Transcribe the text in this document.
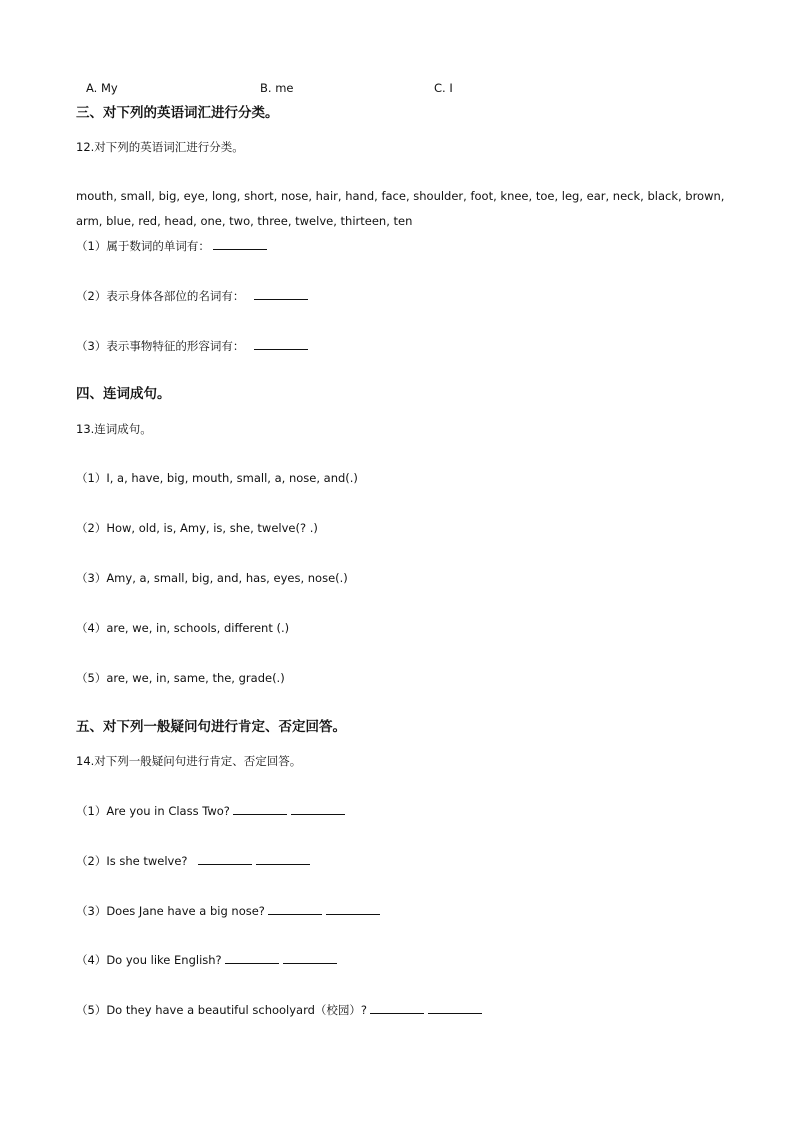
A. My	B. me	C. I
三、对下列的英语词汇进行分类。
12.对下列的英语词汇进行分类。
mouth, small, big, eye, long, short, nose, hair, hand, face, shoulder, foot, knee, toe, leg, ear, neck, black, brown,
arm, blue, red, head, one, two, three, twelve, thirteen, ten
（1）属于数词的单词有：
（2）表示身体各部位的名词有：
（3）表示事物特征的形容词有：
四、连词成句。
13.连词成句。
（1）I, a, have, big, mouth, small, a, nose, and(.)
（2）How, old, is, Amy, is, she, twelve(? .)
（3）Amy, a, small, big, and, has, eyes, nose(.)
（4）are, we, in, schools, different (.)
（5）are, we, in, same, the, grade(.)
五、对下列一般疑问句进行肯定、否定回答。
14.对下列一般疑问句进行肯定、否定回答。
（1）Are you in Class Two?
（2）Is she twelve?
（3）Does Jane have a big nose?
（4）Do you like English?
（5）Do they have a beautiful schoolyard（校园）?
